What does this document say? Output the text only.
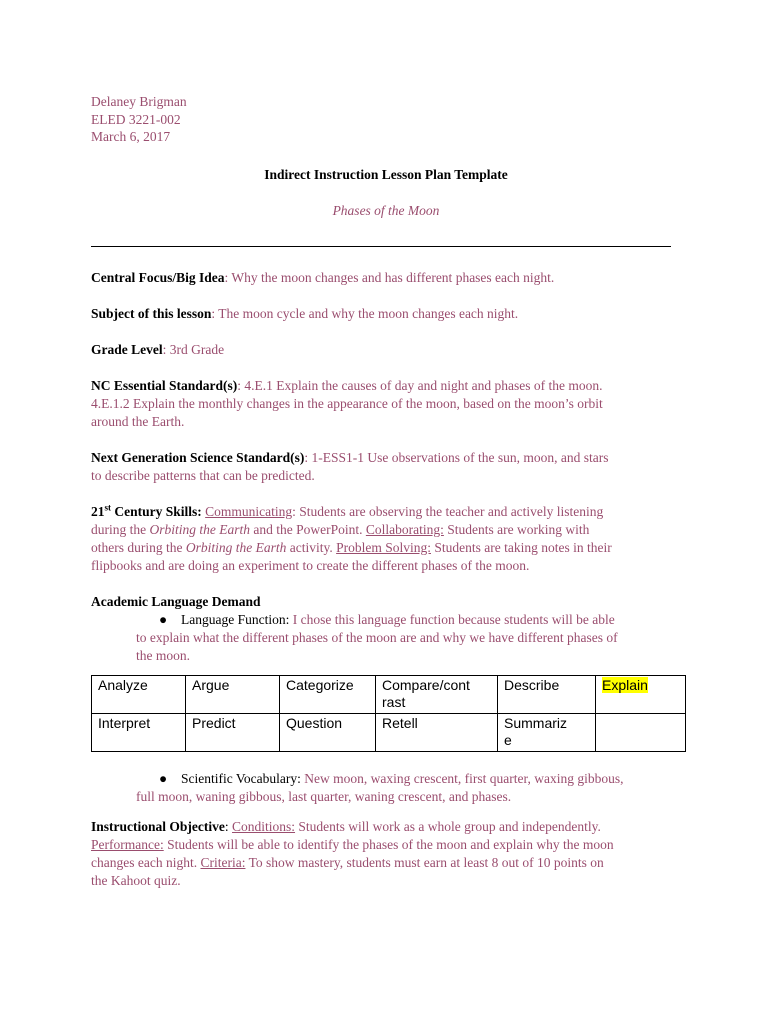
Delaney Brigman
ELED 3221-002
March 6, 2017
Indirect Instruction Lesson Plan Template
Phases of the Moon
Central Focus/Big Idea: Why the moon changes and has different phases each night.
Subject of this lesson: The moon cycle and why the moon changes each night.
Grade Level: 3rd Grade
NC Essential Standard(s): 4.E.1 Explain the causes of day and night and phases of the moon.
4.E.1.2 Explain the monthly changes in the appearance of the moon, based on the moon’s orbit
around the Earth.
Next Generation Science Standard(s): 1-ESS1-1 Use observations of the sun, moon, and stars
to describe patterns that can be predicted.
21st Century Skills: Communicating: Students are observing the teacher and actively listening
during the Orbiting the Earth and the PowerPoint. Collaborating: Students are working with
others during the Orbiting the Earth activity. Problem Solving: Students are taking notes in their
flipbooks and are doing an experiment to create the different phases of the moon.
Academic Language Demand
●	Language Function: I chose this language function because students will be able
to explain what the different phases of the moon are and why we have different phases of
the moon.
Analyze	Argue	Categorize	Compare/cont
rast	Describe	Explain
Interpret	Predict	Question	Retell	Summariz
e	
●	Scientific Vocabulary: New moon, waxing crescent, first quarter, waxing gibbous,
full moon, waning gibbous, last quarter, waning crescent, and phases.
Instructional Objective: Conditions: Students will work as a whole group and independently.
Performance: Students will be able to identify the phases of the moon and explain why the moon
changes each night. Criteria: To show mastery, students must earn at least 8 out of 10 points on
the Kahoot quiz.
